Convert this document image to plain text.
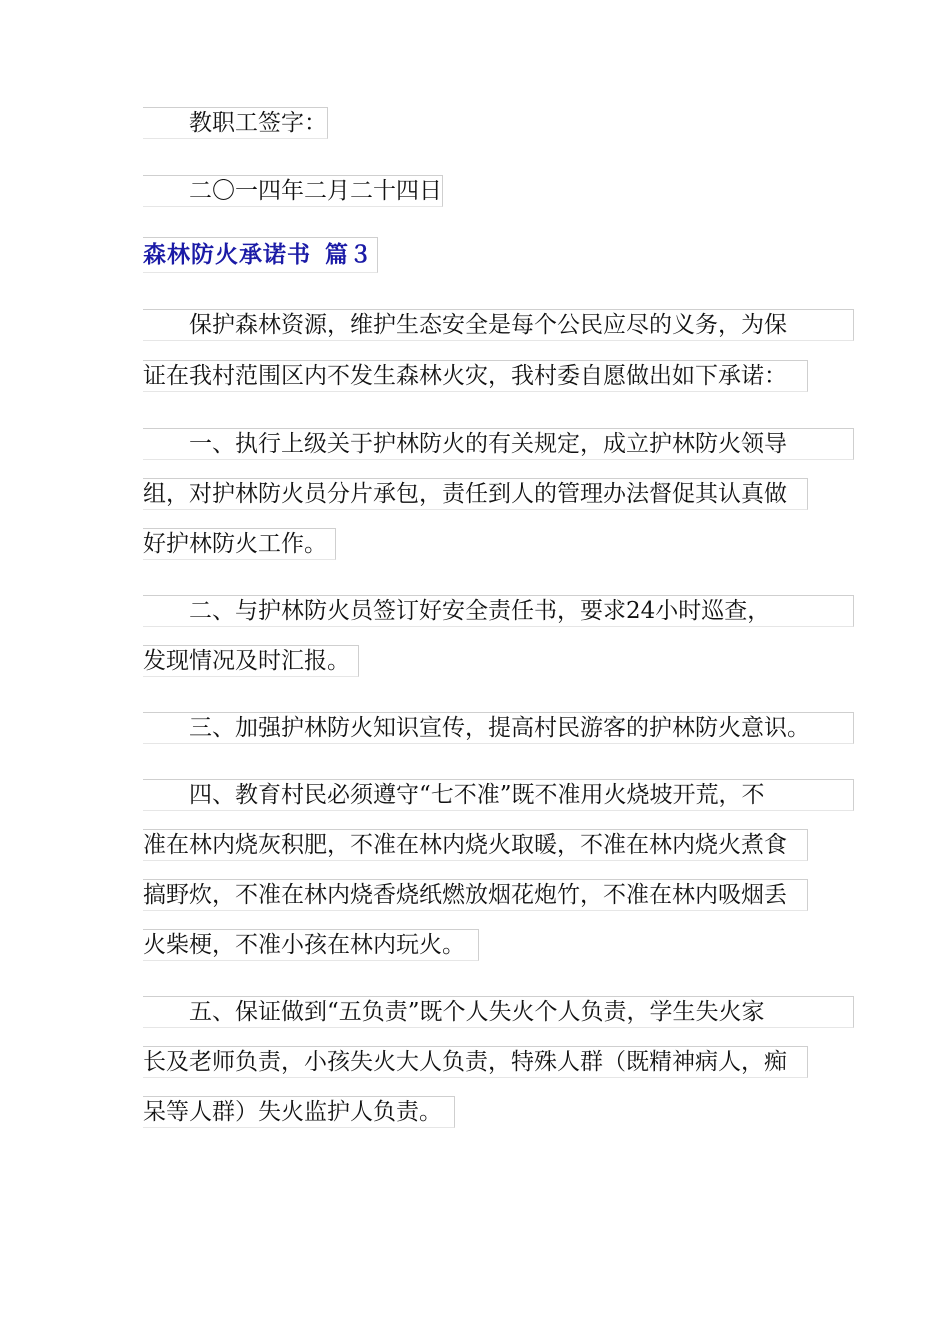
教职工签字：
二〇一四年二月二十四日
森林防火承诺书 篇３
保护森林资源，维护生态安全是每个公民应尽的义务，为保
证在我村范围区内不发生森林火灾，我村委自愿做出如下承诺：
一、执行上级关于护林防火的有关规定，成立护林防火领导
组，对护林防火员分片承包，责任到人的管理办法督促其认真做
好护林防火工作。
二、与护林防火员签订好安全责任书，要求24小时巡查，
发现情况及时汇报。
三、加强护林防火知识宣传，提高村民游客的护林防火意识。
四、教育村民必须遵守“七不准”既不准用火烧坡开荒，不
准在林内烧灰积肥，不准在林内烧火取暖，不准在林内烧火煮食
搞野炊，不准在林内烧香烧纸燃放烟花炮竹，不准在林内吸烟丢
火柴梗，不准小孩在林内玩火。
五、保证做到“五负责”既个人失火个人负责，学生失火家
长及老师负责，小孩失火大人负责，特殊人群（既精神病人，痴
呆等人群）失火监护人负责。
